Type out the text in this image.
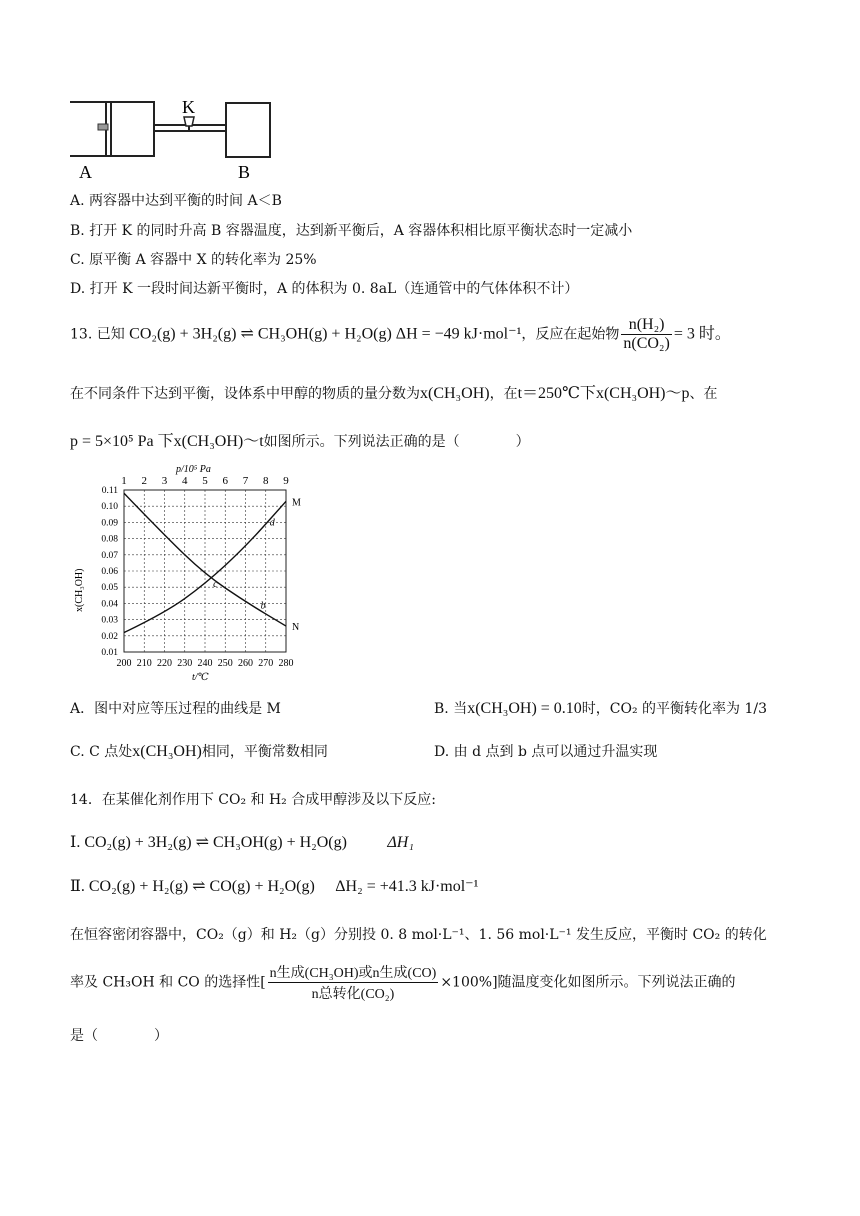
K
A	B
A. 两容器中达到平衡的时间 A＜B
B. 打开 K 的同时升高 B 容器温度，达到新平衡后，A 容器体积相比原平衡状态时一定减小
C. 原平衡 A 容器中 X 的转化率为 25%
D. 打开 K 一段时间达新平衡时，A 的体积为 0. 8aL（连通管中的气体体积不计）
13. 已知 CO₂(g) + 3H₂(g) ⇌ CH₃OH(g) + H₂O(g) ΔH = −49 kJ·mol⁻¹，反应在起始物 $\frac{\text{n(H₂)}}{\text{n(CO₂)}} = 3$ 时。
在不同条件下达到平衡，设体系中甲醇的物质的量分数为x(CH₃OH)，在t＝250℃下x(CH₃OH)～p、在
p = 5×10⁵ Pa 下x(CH₃OH)～t如图所示。下列说法正确的是（　　　　）
p/10⁵ Pa
t/℃
x(CH₃OH)
1 2 3 4 5 6 7 8 9
200 210 220 230 240 250 260 270 280
0.11
0.10
0.09
0.08
0.07
0.06
0.05
0.04
0.03
0.02
0.01
M
N
d
c
b
A．图中对应等压过程的曲线是 M	B. 当x(CH₃OH) = 0.10时，CO₂ 的平衡转化率为 1/3
C. C 点处x(CH₃OH)相同，平衡常数相同	D. 由 d 点到 b 点可以通过升温实现
14．在某催化剂作用下 CO₂ 和 H₂ 合成甲醇涉及以下反应:
Ⅰ. CO₂(g) + 3H₂(g) ⇌ CH₃OH(g) + H₂O(g)	ΔH₁
Ⅱ. CO₂(g) + H₂(g) ⇌ CO(g) + H₂O(g) ΔH₂ = +41.3 kJ·mol⁻¹
在恒容密闭容器中，CO₂（g）和 H₂（g）分别投 0. 8 mol·L⁻¹、1. 56 mol·L⁻¹ 发生反应，平衡时 CO₂ 的转化
率及 CH₃OH 和 CO 的选择性[ $\frac{\text{n生成(CH₃OH)或n生成(CO)}}{\text{n总转化(CO₂)}} \times 100\%$]随温度变化如图所示。下列说法正确的
是（　　　　）
